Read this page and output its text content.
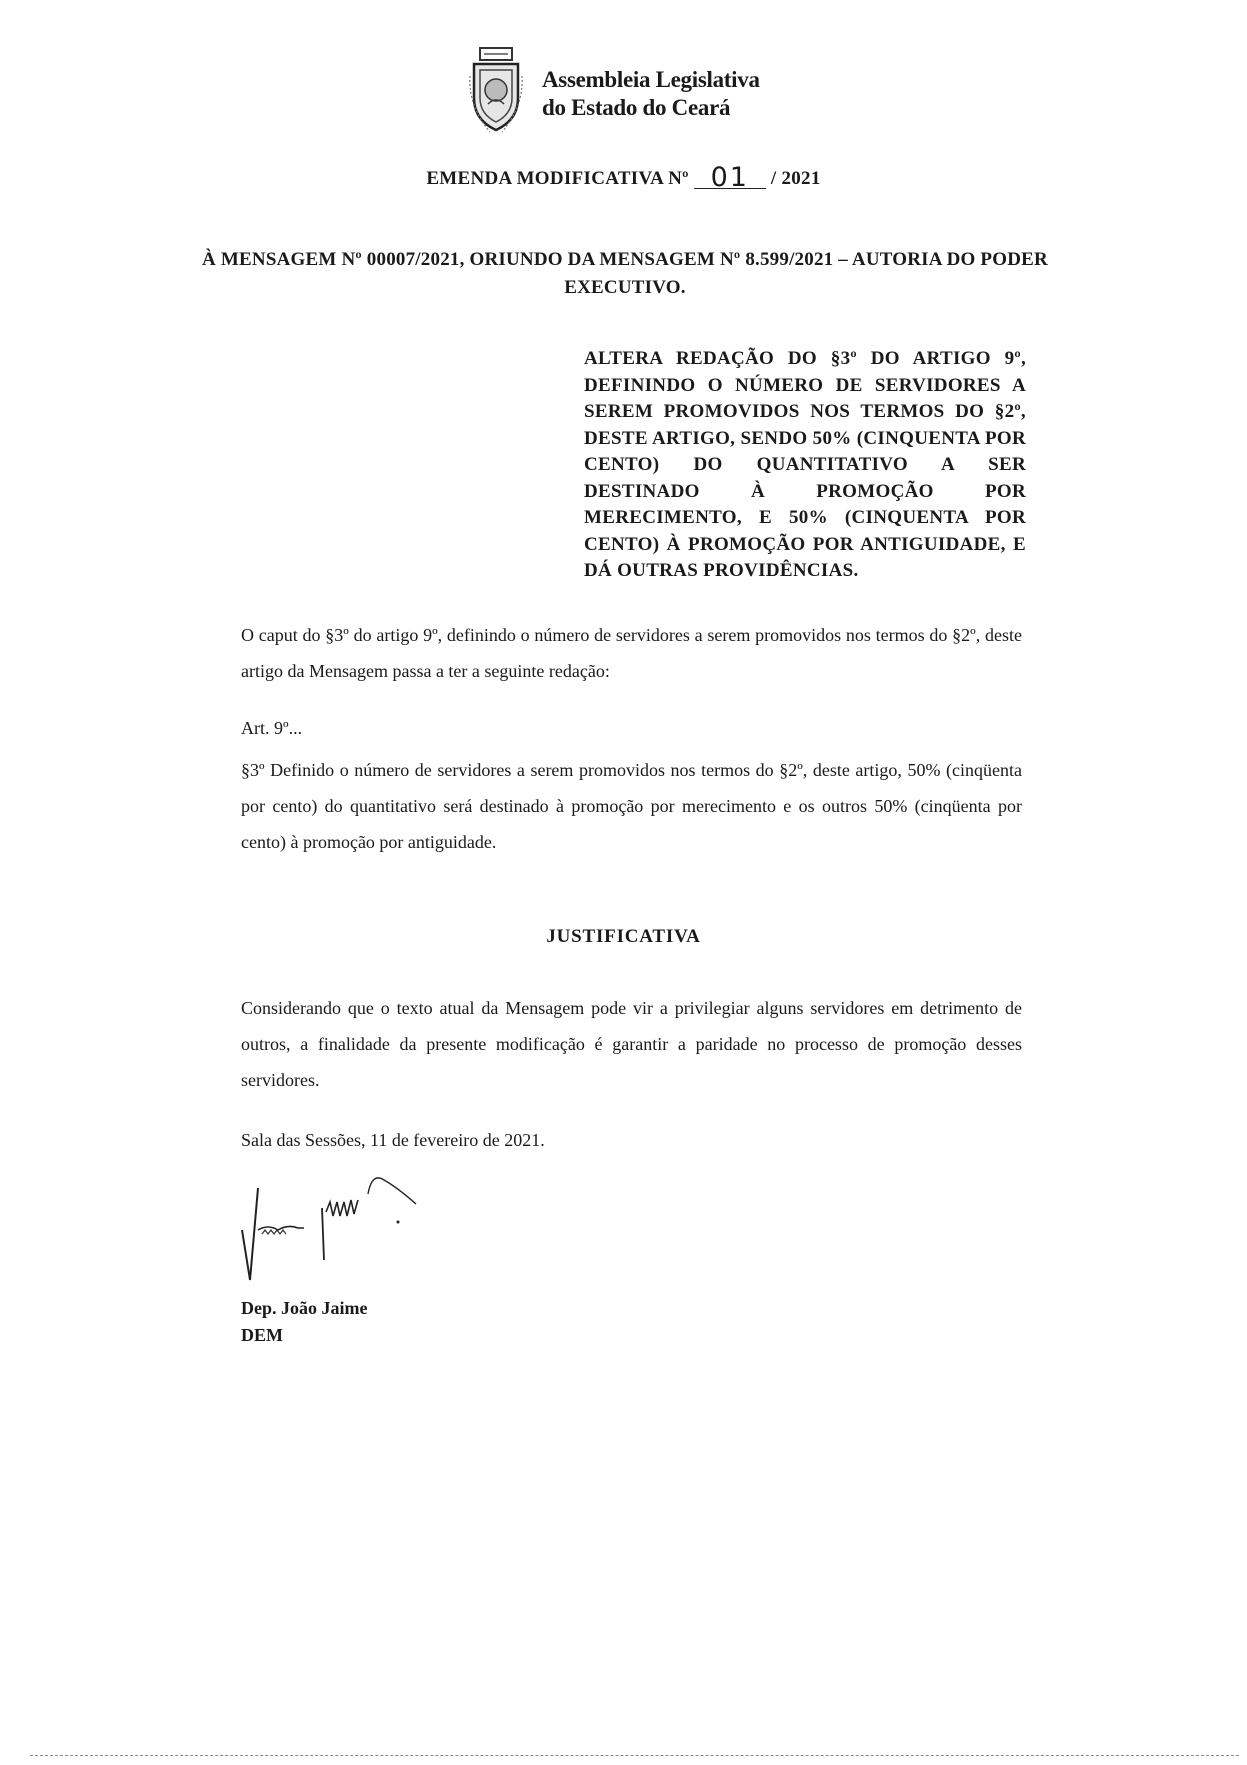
Assembleia Legislativa
do Estado do Ceará
EMENDA MODIFICATIVA Nº 01 / 2021
À MENSAGEM Nº 00007/2021, ORIUNDO DA MENSAGEM Nº 8.599/2021 – AUTORIA DO PODER EXECUTIVO.
ALTERA REDAÇÃO DO §3º DO ARTIGO 9º, DEFININDO O NÚMERO DE SERVIDORES A SEREM PROMOVIDOS NOS TERMOS DO §2º, DESTE ARTIGO, SENDO 50% (CINQUENTA POR CENTO) DO QUANTITATIVO A SER DESTINADO À PROMOÇÃO POR MERECIMENTO, E 50% (CINQUENTA POR CENTO) À PROMOÇÃO POR ANTIGUIDADE, E DÁ OUTRAS PROVIDÊNCIAS.
O caput do §3º do artigo 9º, definindo o número de servidores a serem promovidos nos termos do §2º, deste artigo da Mensagem passa a ter a seguinte redação:
Art. 9º...
§3º Definido o número de servidores a serem promovidos nos termos do §2º, deste artigo, 50% (cinqüenta por cento) do quantitativo será destinado à promoção por merecimento e os outros 50% (cinqüenta por cento) à promoção por antiguidade.
JUSTIFICATIVA
Considerando que o texto atual da Mensagem pode vir a privilegiar alguns servidores em detrimento de outros, a finalidade da presente modificação é garantir a paridade no processo de promoção desses servidores.
Sala das Sessões, 11 de fevereiro de 2021.
Dep. João Jaime
DEM
